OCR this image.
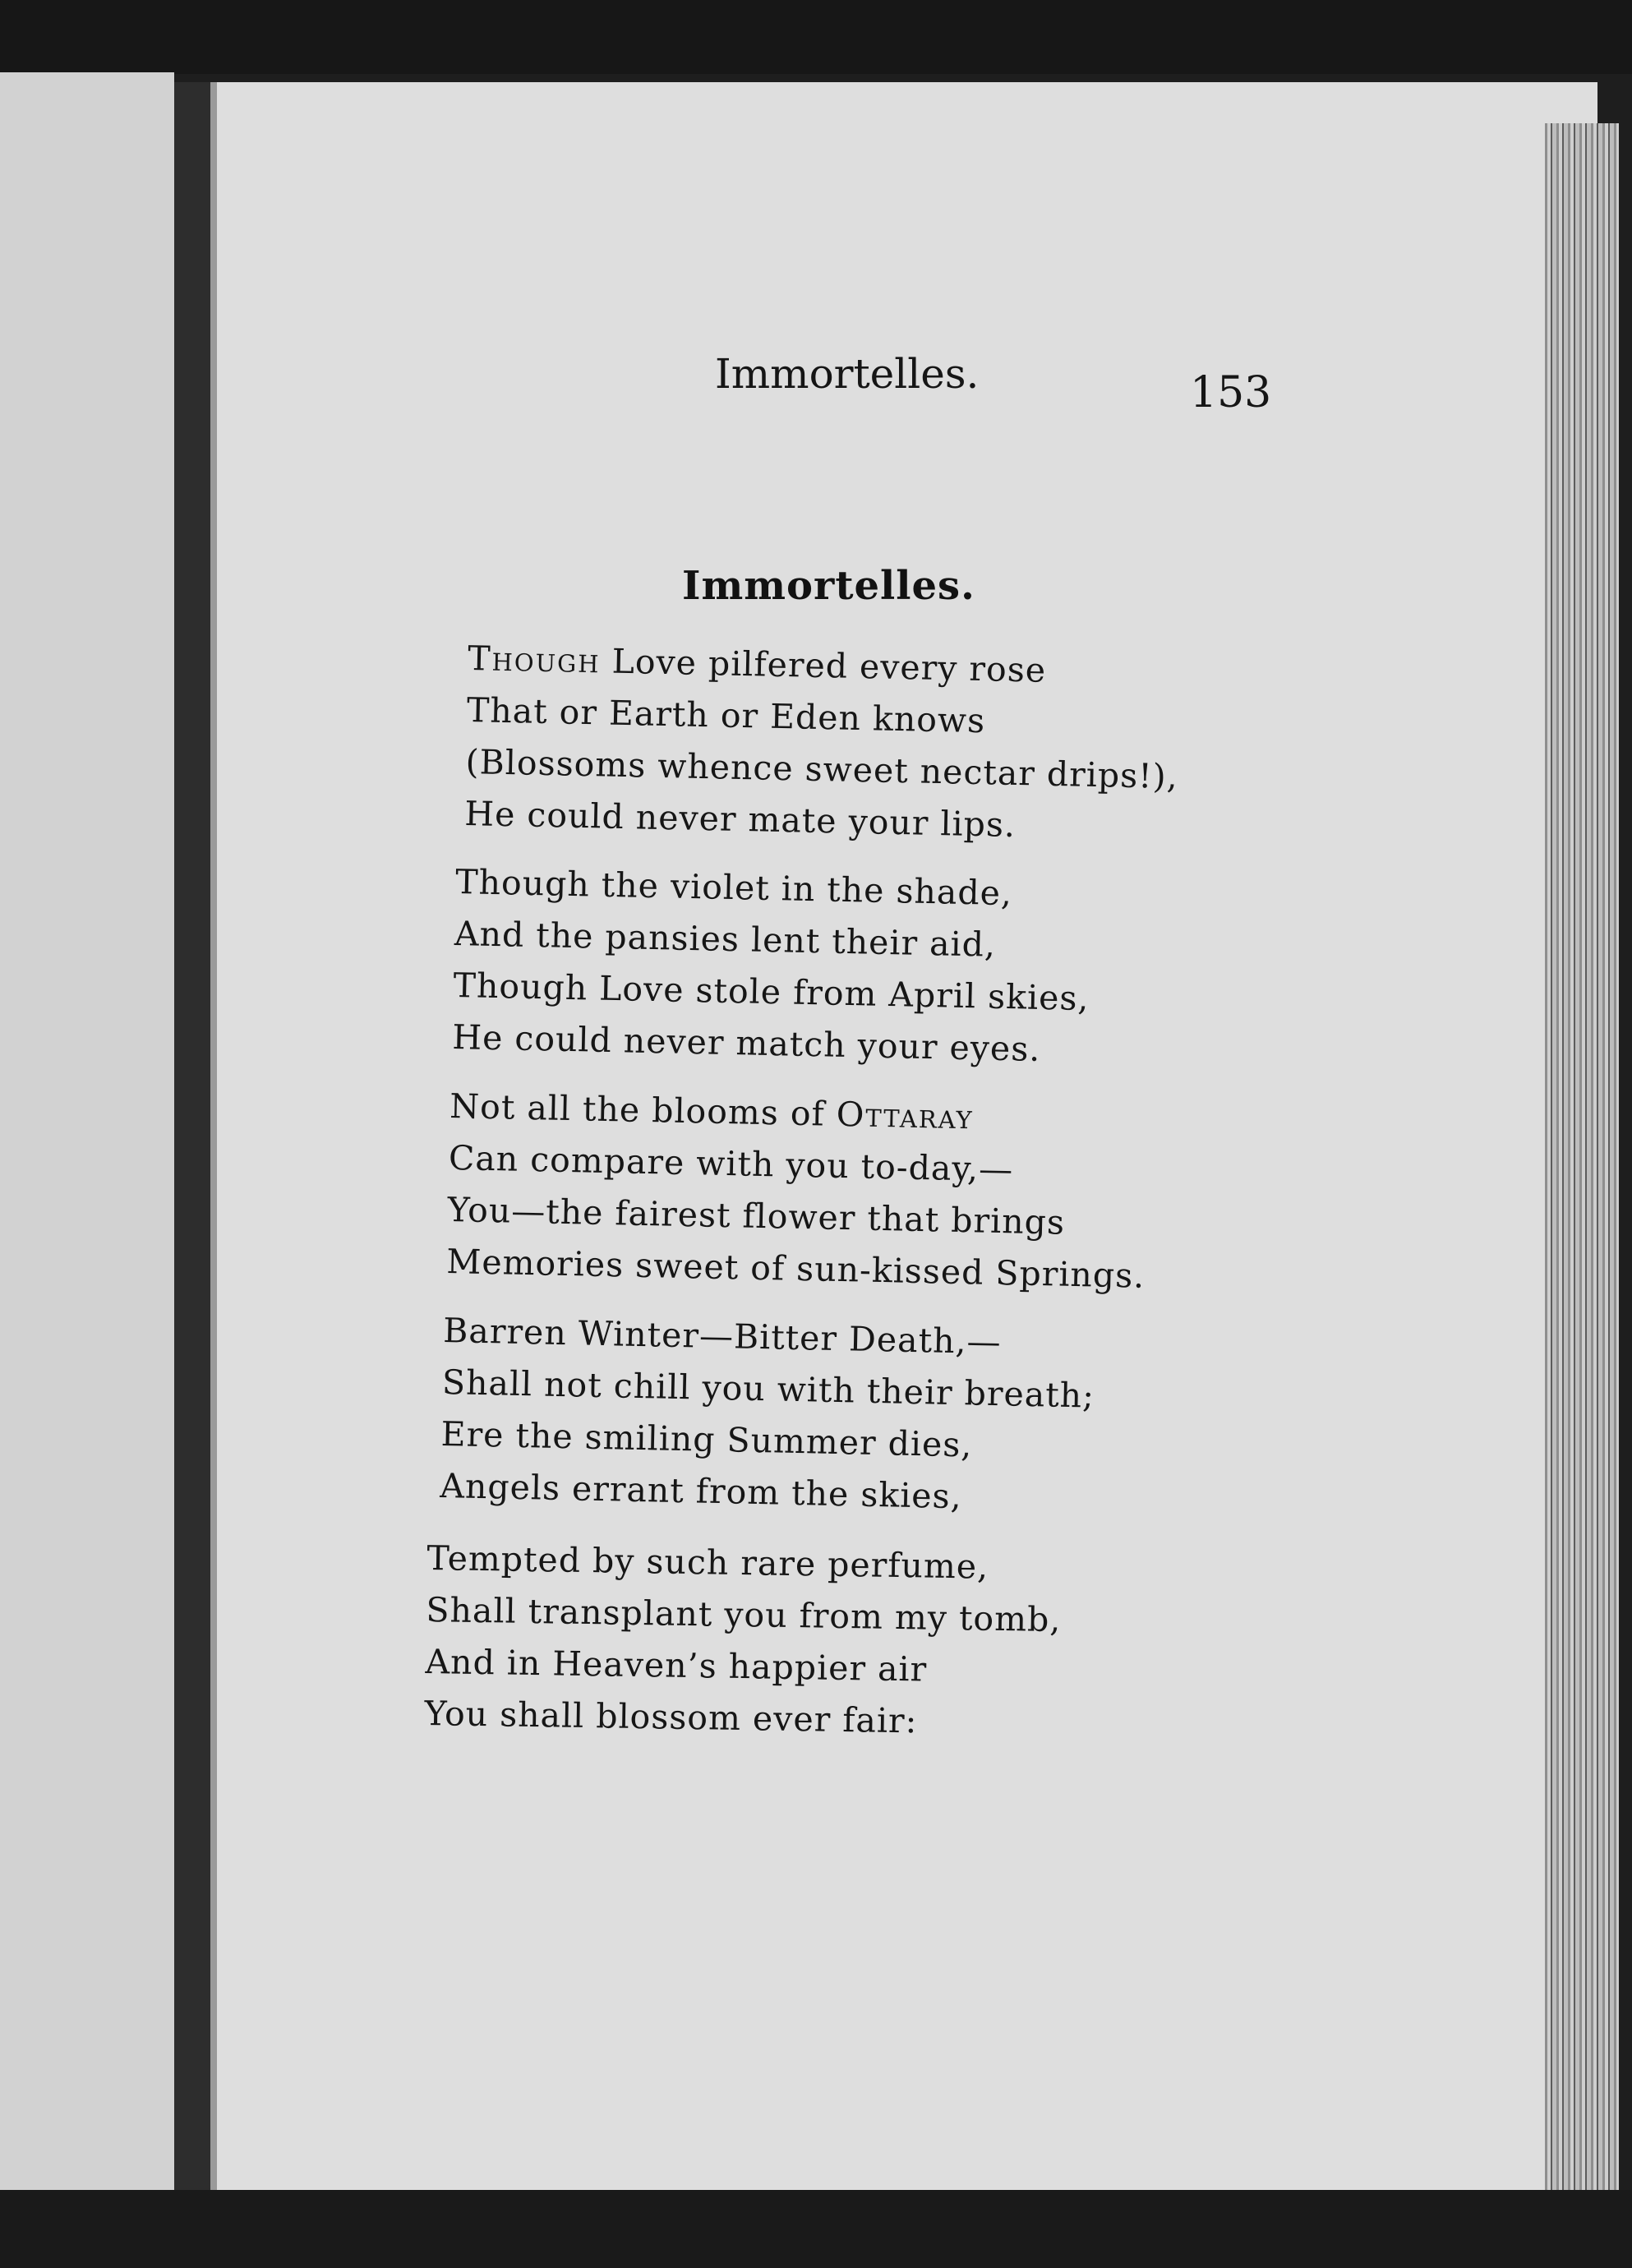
Immortelles.	153
Immortelles.
Though Love pilfered every rose
That or Earth or Eden knows
(Blossoms whence sweet nectar drips!),
He could never mate your lips.
Though the violet in the shade,
And the pansies lent their aid,
Though Love stole from April skies,
He could never match your eyes.
Not all the blooms of Ottaray
Can compare with you to-day,—
You—the fairest flower that brings
Memories sweet of sun-kissed Springs.
Barren Winter—Bitter Death,—
Shall not chill you with their breath;
Ere the smiling Summer dies,
Angels errant from the skies,
Tempted by such rare perfume,
Shall transplant you from my tomb,
And in Heaven’s happier air
You shall blossom ever fair:
